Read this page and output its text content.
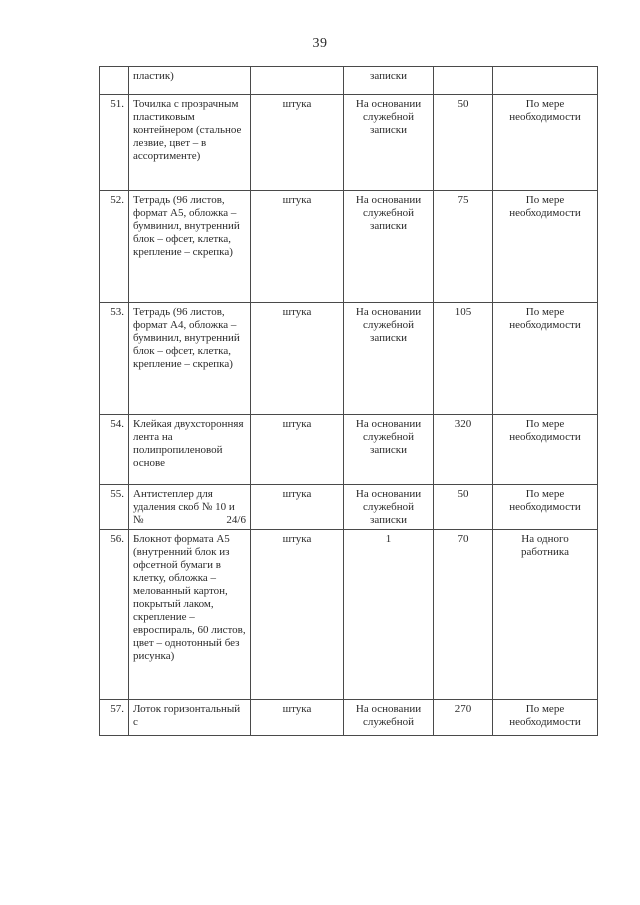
39
	пластик)		записки		
51.	Точилка с прозрачным пластиковым контейнером (стальное лезвие, цвет – в ассортименте)	штука	На основании служебной записки	50	По мере необходимости
52.	Тетрадь (96 листов, формат А5, обложка – бумвинил, внутренний блок – офсет, клетка, крепление – скрепка)	штука	На основании служебной записки	75	По мере необходимости
53.	Тетрадь (96 листов, формат А4, обложка – бумвинил, внутренний блок – офсет, клетка, крепление – скрепка)	штука	На основании служебной записки	105	По мере необходимости
54.	Клейкая двухсторонняя лента на полипропиленовой основе	штука	На основании служебной записки	320	По мере необходимости
55.	Антистеплер для удаления скоб № 10 и № 24/6	штука	На основании служебной записки	50	По мере необходимости
56.	Блокнот формата А5 (внутренний блок из офсетной бумаги в клетку, обложка – мелованный картон, покрытый лаком, скрепление – евроспираль, 60 листов, цвет – однотонный без рисунка)	штука	1	70	На одного работника
57.	Лоток горизонтальный с	штука	На основании служебной	270	По мере необходимости
